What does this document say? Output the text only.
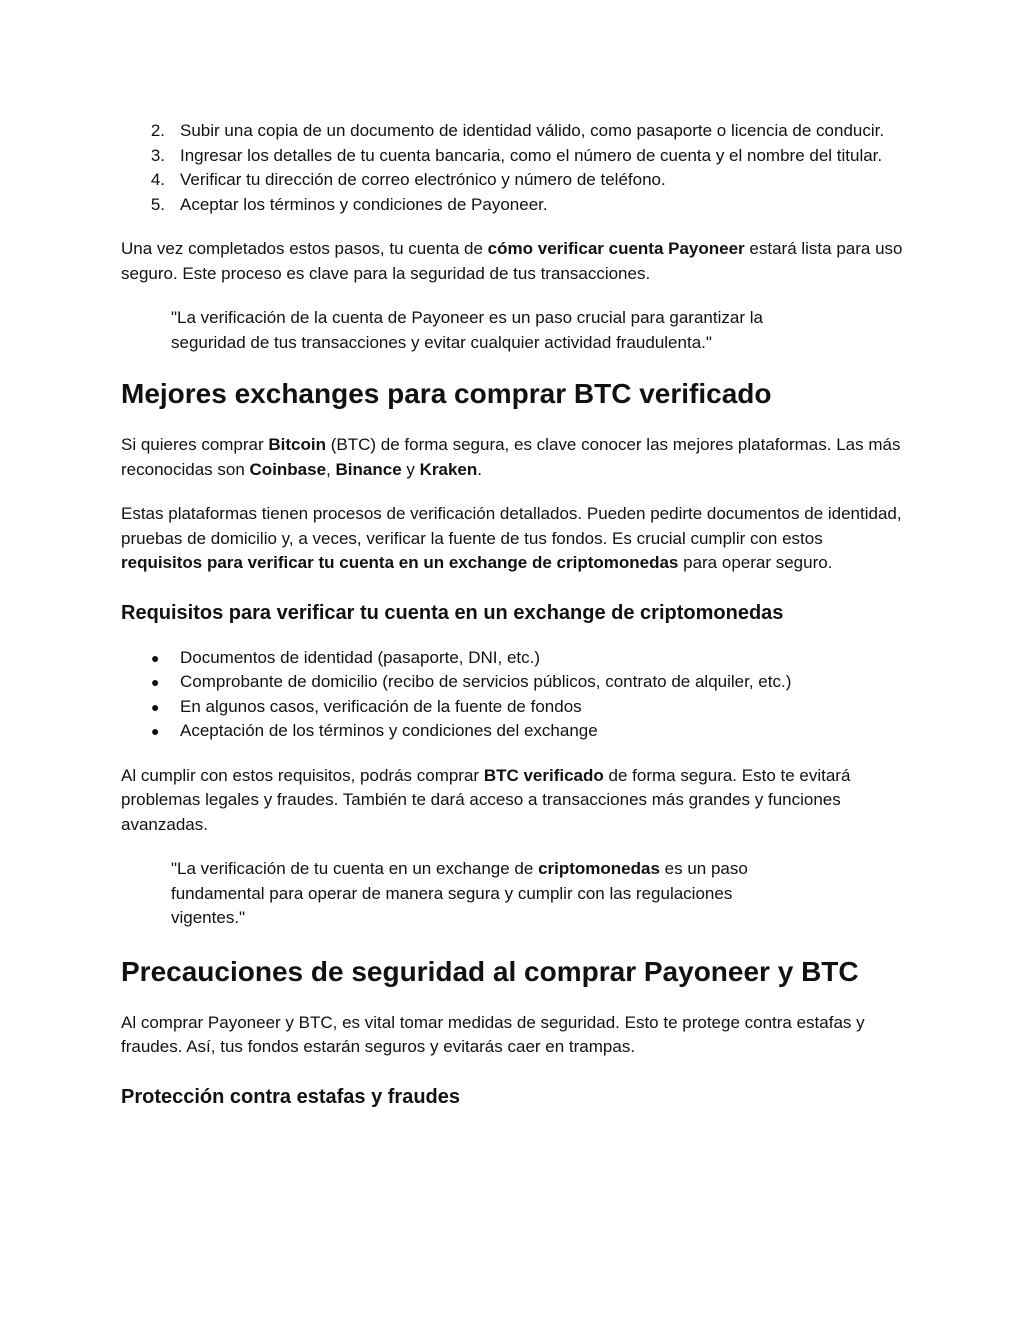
2. Subir una copia de un documento de identidad válido, como pasaporte o licencia de conducir.
3. Ingresar los detalles de tu cuenta bancaria, como el número de cuenta y el nombre del titular.
4. Verificar tu dirección de correo electrónico y número de teléfono.
5. Aceptar los términos y condiciones de Payoneer.

Una vez completados estos pasos, tu cuenta de cómo verificar cuenta Payoneer estará lista para uso seguro. Este proceso es clave para la seguridad de tus transacciones.

"La verificación de la cuenta de Payoneer es un paso crucial para garantizar la seguridad de tus transacciones y evitar cualquier actividad fraudulenta."

Mejores exchanges para comprar BTC verificado

Si quieres comprar Bitcoin (BTC) de forma segura, es clave conocer las mejores plataformas. Las más reconocidas son Coinbase, Binance y Kraken.

Estas plataformas tienen procesos de verificación detallados. Pueden pedirte documentos de identidad, pruebas de domicilio y, a veces, verificar la fuente de tus fondos. Es crucial cumplir con estos requisitos para verificar tu cuenta en un exchange de criptomonedas para operar seguro.

Requisitos para verificar tu cuenta en un exchange de criptomonedas
●	Documentos de identidad (pasaporte, DNI, etc.)
●	Comprobante de domicilio (recibo de servicios públicos, contrato de alquiler, etc.)
●	En algunos casos, verificación de la fuente de fondos
●	Aceptación de los términos y condiciones del exchange

Al cumplir con estos requisitos, podrás comprar BTC verificado de forma segura. Esto te evitará problemas legales y fraudes. También te dará acceso a transacciones más grandes y funciones avanzadas.

"La verificación de tu cuenta en un exchange de criptomonedas es un paso fundamental para operar de manera segura y cumplir con las regulaciones vigentes."

Precauciones de seguridad al comprar Payoneer y BTC

Al comprar Payoneer y BTC, es vital tomar medidas de seguridad. Esto te protege contra estafas y fraudes. Así, tus fondos estarán seguros y evitarás caer en trampas.

Protección contra estafas y fraudes
